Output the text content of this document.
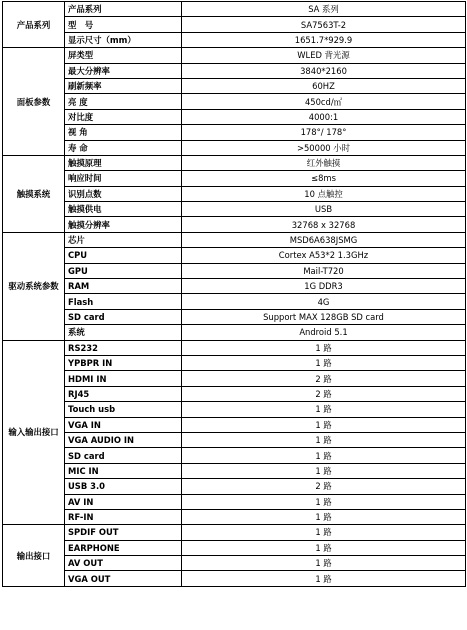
产品系列	产品系列	SA 系列
	型　号	SA7563T-2
	显示尺寸（mm）	1651.7*929.9
面板参数	屏类型	WLED 背光源
	最大分辨率	3840*2160
	刷新频率	60HZ
	亮 度	450cd/㎡
	对比度	4000:1
	视 角	178°/ 178°
	寿 命	>50000 小时
触摸系统	触摸原理	红外触摸
	响应时间	≤8ms
	识别点数	10 点触控
	触摸供电	USB
	触摸分辨率	32768 x 32768
驱动系统参数	芯片	MSD6A638JSMG
	CPU	Cortex A53*2 1.3GHz
	GPU	Mail-T720
	RAM	1G DDR3
	Flash	4G
	SD card	Support MAX 128GB SD card
	系统	Android 5.1
输入输出接口	RS232	1 路
	YPBPR IN	1 路
	HDMI IN	2 路
	RJ45	2 路
	Touch usb	1 路
	VGA IN	1 路
	VGA AUDIO IN	1 路
	SD card	1 路
	MIC IN	1 路
	USB 3.0	2 路
	AV IN	1 路
	RF-IN	1 路
输出接口	SPDIF OUT	1 路
	EARPHONE	1 路
	AV OUT	1 路
	VGA OUT	1 路
